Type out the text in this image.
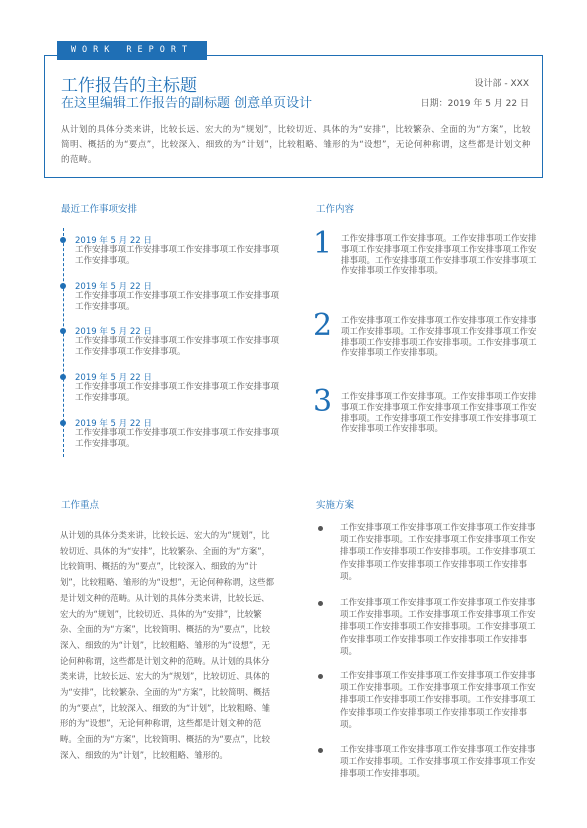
WORK REPORT
工作报告的主标题
在这里编辑工作报告的副标题 创意单页设计
设计部 - XXX
日期：2019 年 5 月 22 日
从计划的具体分类来讲，比较长远、宏大的为“规划”，比较切近、具体的为“安排”，比较繁杂、全面的为“方案”，比较简明、概括的为“要点”，比较深入、细致的为“计划”，比较粗略、雏形的为“设想”，无论何种称谓，这些都是计划文种的范畴。
最近工作事项安排
2019 年 5 月 22 日
工作安排事项工作安排事项工作安排事项工作安排事项工作安排事项。
2019 年 5 月 22 日
工作安排事项工作安排事项工作安排事项工作安排事项工作安排事项。
2019 年 5 月 22 日
工作安排事项工作安排事项工作安排事项工作安排事项工作安排事项工作安排事项。
2019 年 5 月 22 日
工作安排事项工作安排事项工作安排事项工作安排事项工作安排事项。
2019 年 5 月 22 日
工作安排事项工作安排事项工作安排事项工作安排事项工作安排事项。
工作内容
1 工作安排事项工作安排事项。工作安排事项工作安排事项工作安排事项工作安排事项工作安排事项工作安排事项。工作安排事项工作安排事项工作安排事项工作安排事项工作安排事项。
2 工作安排事项工作安排事项工作安排事项工作安排事项工作安排事项。工作安排事项工作安排事项工作安排事项工作安排事项工作安排事项。工作安排事项工作安排事项工作安排事项。
3 工作安排事项工作安排事项。工作安排事项工作安排事项工作安排事项工作安排事项工作安排事项工作安排事项。工作安排事项工作安排事项工作安排事项工作安排事项工作安排事项。
工作重点
从计划的具体分类来讲，比较长远、宏大的为“规划”，比较切近、具体的为“安排”，比较繁杂、全面的为“方案”，比较简明、概括的为“要点”，比较深入、细致的为“计划”，比较粗略、雏形的为“设想”，无论何种称谓，这些都是计划文种的范畴。从计划的具体分类来讲，比较长远、宏大的为“规划”，比较切近、具体的为“安排”，比较繁杂、全面的为“方案”，比较简明、概括的为“要点”，比较深入、细致的为“计划”，比较粗略、雏形的为“设想”，无论何种称谓，这些都是计划文种的范畴。从计划的具体分类来讲，比较长远、宏大的为“规划”，比较切近、具体的为“安排”，比较繁杂、全面的为“方案”，比较简明、概括的为“要点”，比较深入、细致的为“计划”，比较粗略、雏形的为“设想”，无论何种称谓，这些都是计划文种的范畴。全面的为“方案”，比较简明、概括的为“要点”，比较深入、细致的为“计划”，比较粗略、雏形的。
实施方案
工作安排事项工作安排事项工作安排事项工作安排事项工作安排事项。工作安排事项工作安排事项工作安排事项工作安排事项工作安排事项。工作安排事项工作安排事项工作安排事项工作安排事项工作安排事项。
工作安排事项工作安排事项工作安排事项工作安排事项工作安排事项。工作安排事项工作安排事项工作安排事项工作安排事项工作安排事项。工作安排事项工作安排事项工作安排事项工作安排事项工作安排事项。
工作安排事项工作安排事项工作安排事项工作安排事项工作安排事项。工作安排事项工作安排事项工作安排事项工作安排事项工作安排事项。工作安排事项工作安排事项工作安排事项工作安排事项工作安排事项。
工作安排事项工作安排事项工作安排事项工作安排事项工作安排事项。工作安排事项工作安排事项工作安排事项工作安排事项。
